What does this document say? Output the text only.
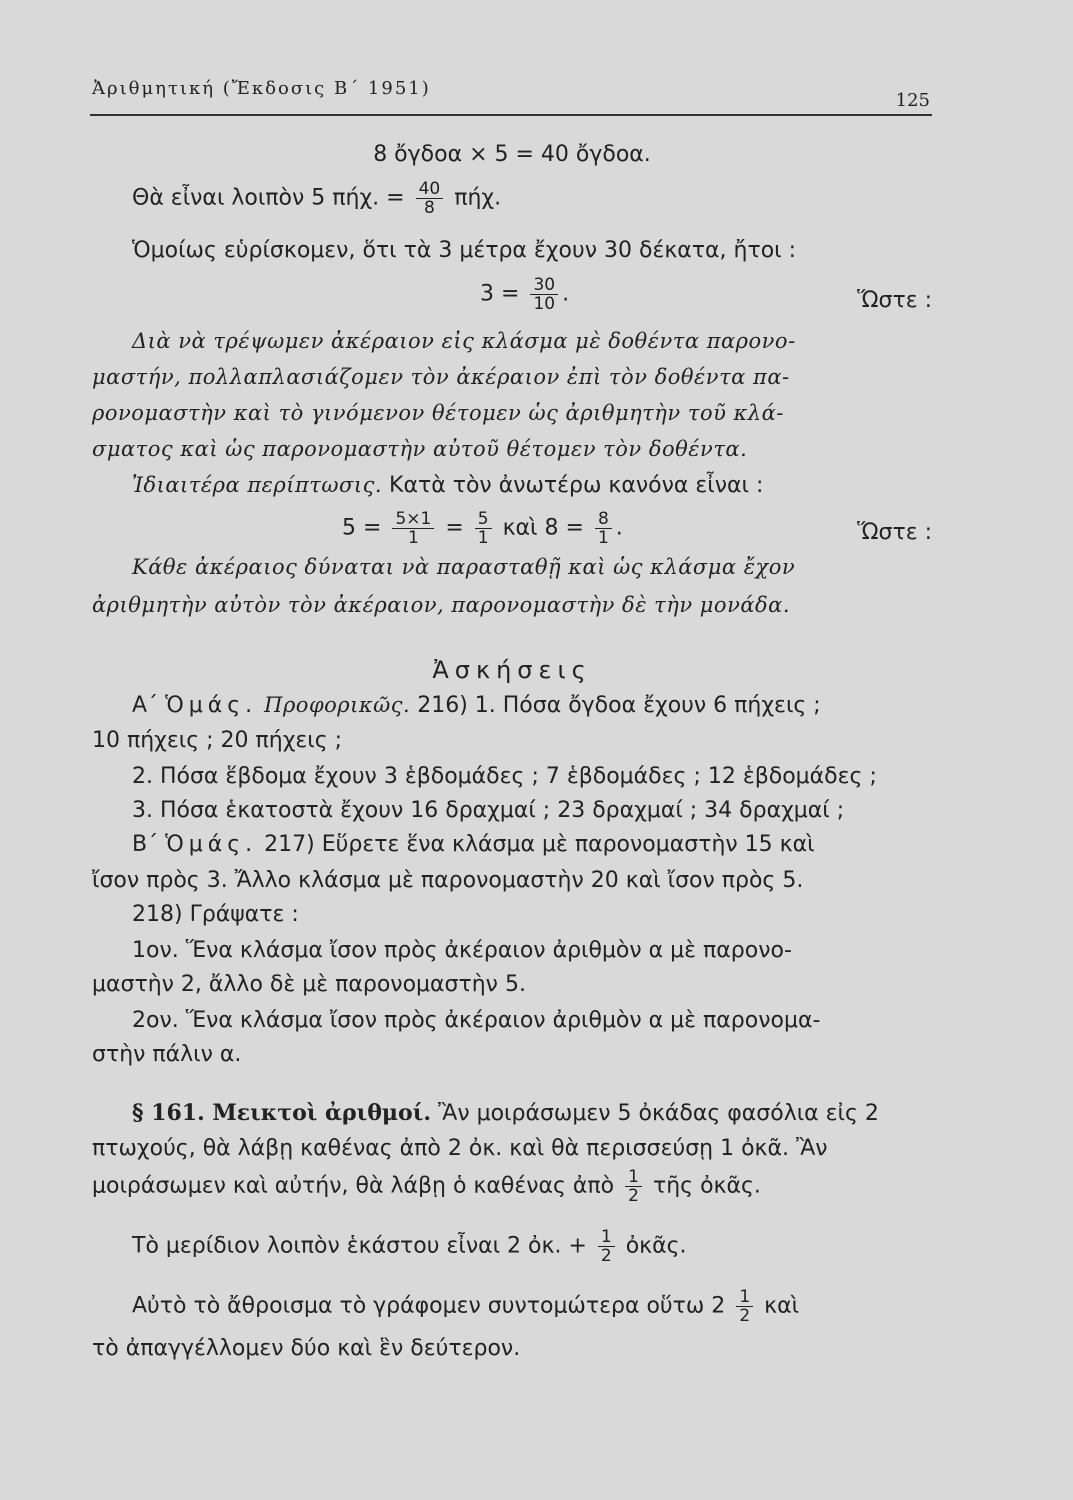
Ἀριθμητική (Ἔκδοσις Β΄ 1951)
125
8 ὄγδοα × 5 = 40 ὄγδοα.
Θὰ εἶναι λοιπὸν 5 πήχ. = $\frac{40}{8} \pi ή\chi$.
Ὁμοίως εὑρίσκομεν, ὅτι τὰ 3 μέτρα ἔχουν 30 δέκατα, ἤτοι :
$3 = \frac{30}{10}$ .	Ὥστε :
Διὰ νὰ τρέψωμεν ἀκέραιον εἰς κλάσμα μὲ δοθέντα παρονο-
μαστήν, πολλαπλασιάζομεν τὸν ἀκέραιον ἐπὶ τὸν δοθέντα πα-
ρονομαστὴν καὶ τὸ γινόμενον θέτομεν ὡς ἀριθμητὴν τοῦ κλά-
σματος καὶ ὡς παρονομαστὴν αὐτοῦ θέτομεν τὸν δοθέντα.
Ἰδιαιτέρα περίπτωσις. Κατὰ τὸν ἀνωτέρω κανόνα εἶναι :
$5 = \frac{5\times 1}{1} = \frac{5}{1}$ καὶ $8 = \frac{8}{1}$ .	Ὥστε :
Κάθε ἀκέραιος δύναται νὰ παρασταθῇ καὶ ὡς κλάσμα ἔχον
ἀριθμητὴν αὐτὸν τὸν ἀκέραιον, παρονομαστὴν δὲ τὴν μονάδα.
Ἀσκήσεις
Α΄ Ὁμάς. Προφορικῶς. 216) 1. Πόσα ὄγδοα ἔχουν 6 πήχεις ;
10 πήχεις ; 20 πήχεις ;
2. Πόσα ἕβδομα ἔχουν 3 ἑβδομάδες ; 7 ἑβδομάδες ; 12 ἑβδομάδες ;
3. Πόσα ἑκατοστὰ ἔχουν 16 δραχμαί ; 23 δραχμαί ; 34 δραχμαί ;
Β΄ Ὁμάς. 217) Εὕρετε ἕνα κλάσμα μὲ παρονομαστὴν 15 καὶ
ἴσον πρὸς 3. Ἄλλο κλάσμα μὲ παρονομαστὴν 20 καὶ ἴσον πρὸς 5.
218) Γράψατε :
1ον. Ἕνα κλάσμα ἴσον πρὸς ἀκέραιον ἀριθμὸν α μὲ παρονο-
μαστὴν 2, ἄλλο δὲ μὲ παρονομαστὴν 5.
2ον. Ἕνα κλάσμα ἴσον πρὸς ἀκέραιον ἀριθμὸν α μὲ παρονομα-
στὴν πάλιν α.
§ 161. Μεικτοὶ ἀριθμοί. Ἂν μοιράσωμεν 5 ὀκάδας φασόλια εἰς 2
πτωχούς, θὰ λάβῃ καθένας ἀπὸ 2 ὀκ. καὶ θὰ περισσεύσῃ 1 ὀκᾶ. Ἂν
μοιράσωμεν καὶ αὐτήν, θὰ λάβῃ ὁ καθένας ἀπὸ $\frac{1}{2}$ τῆς ὀκᾶς.
Τὸ μερίδιον λοιπὸν ἑκάστου εἶναι 2 ὀκ. + $\frac{1}{2}$ ὀκᾶς.
Αὐτὸ τὸ ἄθροισμα τὸ γράφομεν συντομώτερα οὕτω $2 \frac{1}{2}$ καὶ
τὸ ἀπαγγέλλομεν δύο καὶ ἓν δεύτερον.
